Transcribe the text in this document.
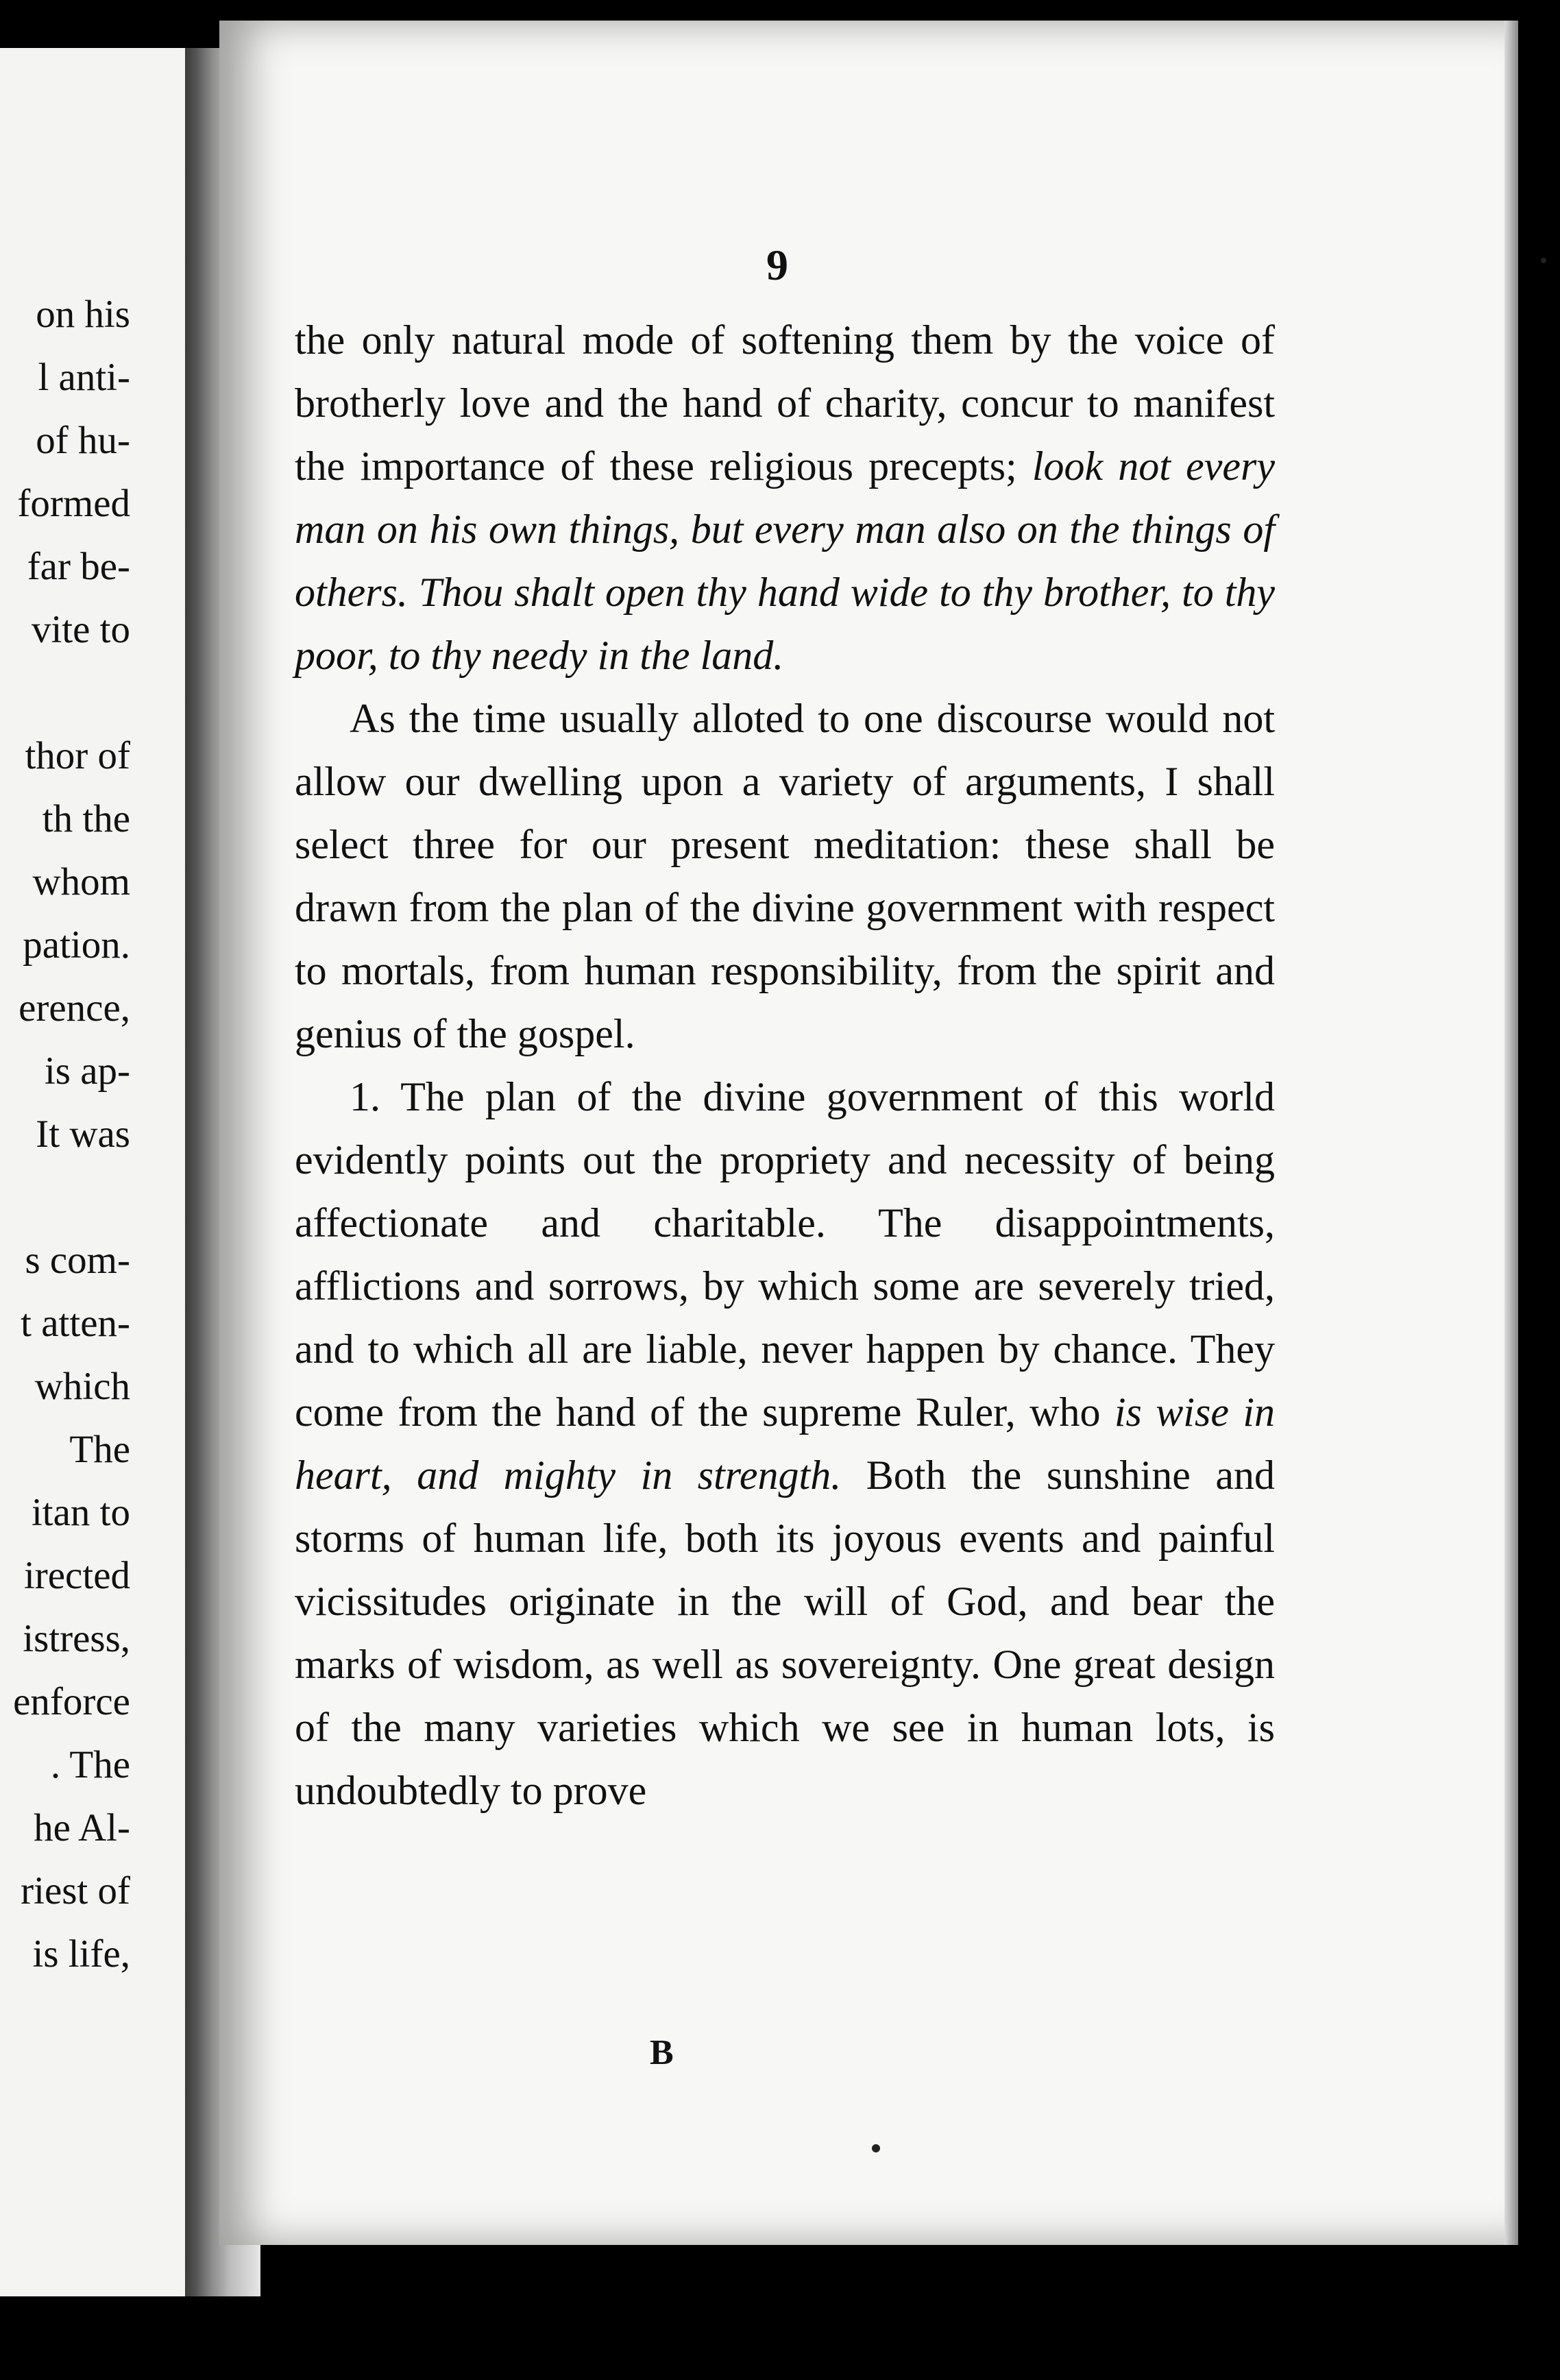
on his
l anti-
of hu-
formed
far be-
vite to
thor of
th the
whom
pation.
erence,
is ap-
It was
s com-
t atten-
which
The
itan to
irected
istress,
enforce
. The
he Al-
riest of
is life,
9

the only natural mode of softening them by the voice of brotherly love and the hand of charity, concur to manifest the importance of these religious precepts; look not every man on his own things, but every man also on the things of others. Thou shalt open thy hand wide to thy brother, to thy poor, to thy needy in the land.

As the time usually alloted to one discourse would not allow our dwelling upon a variety of arguments, I shall select three for our present meditation: these shall be drawn from the plan of the divine government with respect to mortals, from human responsibility, from the spirit and genius of the gospel.

1. The plan of the divine government of this world evidently points out the propriety and necessity of being affectionate and charitable. The disappointments, afflictions and sorrows, by which some are severely tried, and to which all are liable, never happen by chance. They come from the hand of the supreme Ruler, who is wise in heart, and mighty in strength. Both the sunshine and storms of human life, both its joyous events and painful vicissitudes originate in the will of God, and bear the marks of wisdom, as well as sovereignty. One great design of the many varieties which we see in human lots, is undoubtedly to prove

B
